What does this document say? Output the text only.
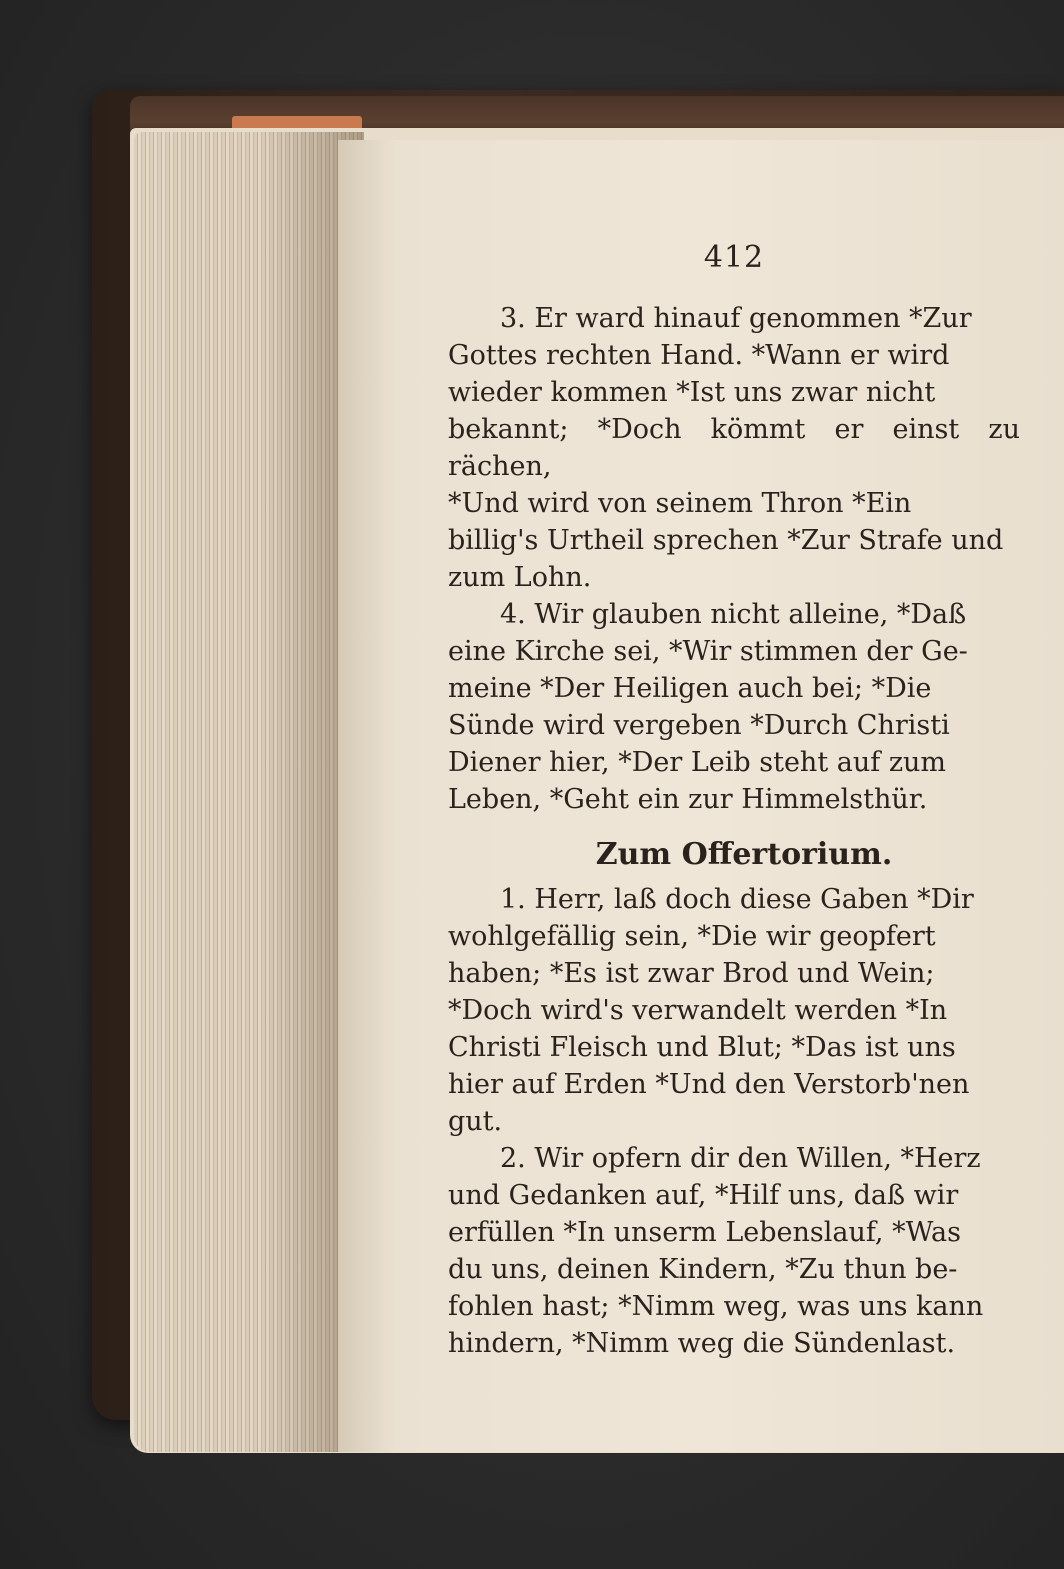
412
3. Er ward hinauf genommen *Zur
Gottes rechten Hand. *Wann er wird
wieder kommen *Ist uns zwar nicht
bekannt; *Doch kömmt er einst zu rächen,
*Und wird von seinem Thron *Ein
billig's Urtheil sprechen *Zur Strafe und
zum Lohn.
4. Wir glauben nicht alleine, *Daß
eine Kirche sei, *Wir stimmen der Ge-
meine *Der Heiligen auch bei; *Die
Sünde wird vergeben *Durch Christi
Diener hier, *Der Leib steht auf zum
Leben, *Geht ein zur Himmelsthür.
Zum Offertorium.
1. Herr, laß doch diese Gaben *Dir
wohlgefällig sein, *Die wir geopfert
haben; *Es ist zwar Brod und Wein;
*Doch wird's verwandelt werden *In
Christi Fleisch und Blut; *Das ist uns
hier auf Erden *Und den Verstorb'nen
gut.
2. Wir opfern dir den Willen, *Herz
und Gedanken auf, *Hilf uns, daß wir
erfüllen *In unserm Lebenslauf, *Was
du uns, deinen Kindern, *Zu thun be-
fohlen hast; *Nimm weg, was uns kann
hindern, *Nimm weg die Sündenlast.
